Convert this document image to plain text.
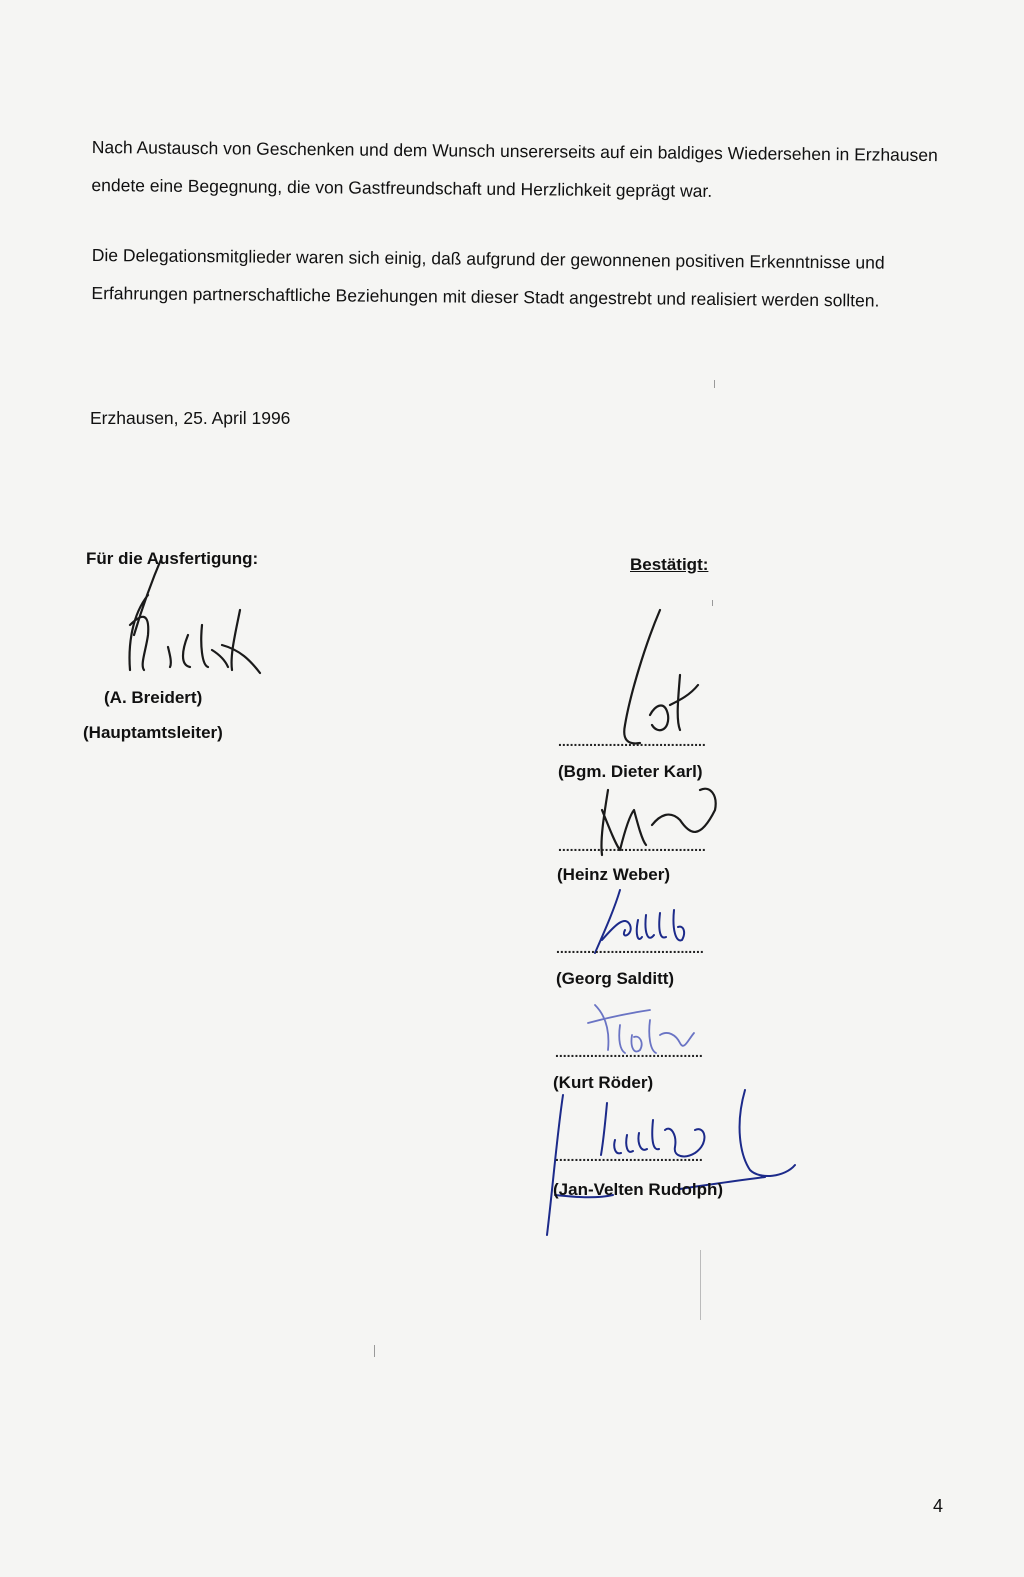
Nach Austausch von Geschenken und dem Wunsch unsererseits auf ein baldiges Wiedersehen in Erzhausen endete eine Begegnung, die von Gastfreundschaft und Herzlichkeit geprägt war.

Die Delegationsmitglieder waren sich einig, daß aufgrund der gewonnenen positiven Erkenntnisse und Erfahrungen partnerschaftliche Beziehungen mit dieser Stadt angestrebt und realisiert werden sollten.

Erzhausen, 25. April 1996
Für die Ausfertigung:
(A. Breidert)
(Hauptamtsleiter)
Bestätigt:
......................................
(Bgm. Dieter Karl)
......................................
(Heinz Weber)
......................................
(Georg Salditt)
......................................
(Kurt Röder)
......................................
(Jan-Velten Rudolph)
4
